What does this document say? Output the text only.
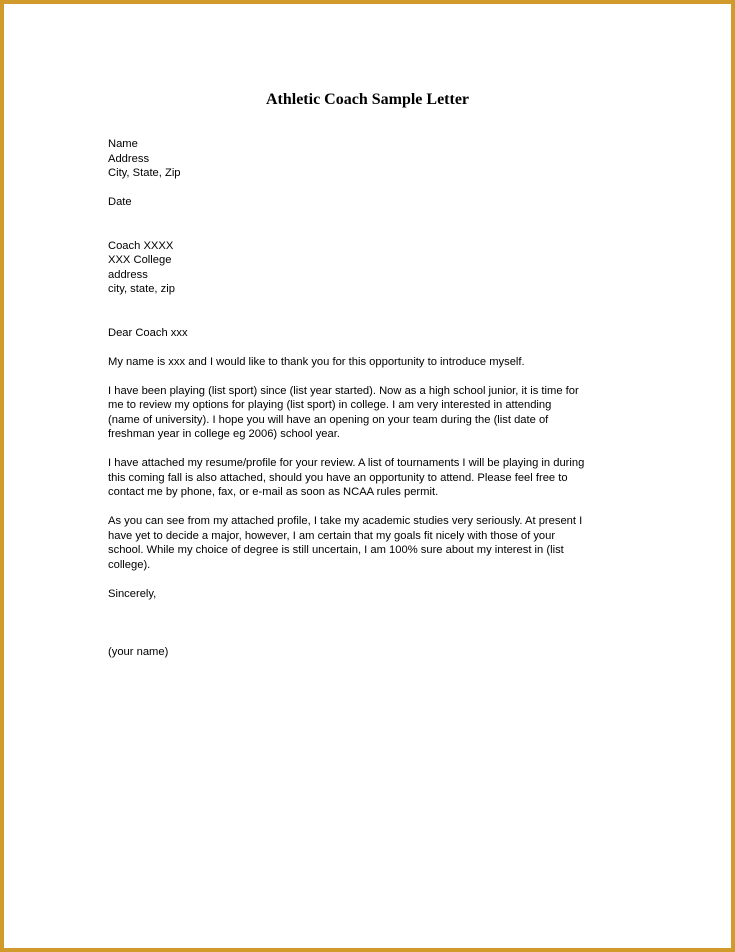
Athletic Coach Sample Letter

Name

Address

City, State, Zip

Date

Coach XXXX

XXX College

address

city, state, zip

Dear Coach xxx

My name is xxx and I would like to thank you for this opportunity to introduce myself.

I have been playing (list sport) since (list year started). Now as a high school junior, it is time for
me to review my options for playing (list sport) in college. I am very interested in attending
(name of university). I hope you will have an opening on your team during the (list date of
freshman year in college eg 2006) school year.

I have attached my resume/profile for your review. A list of tournaments I will be playing in during
this coming fall is also attached, should you have an opportunity to attend. Please feel free to
contact me by phone, fax, or e-mail as soon as NCAA rules permit.

As you can see from my attached profile, I take my academic studies very seriously. At present I
have yet to decide a major, however, I am certain that my goals fit nicely with those of your
school. While my choice of degree is still uncertain, I am 100% sure about my interest in (list
college).

Sincerely,

(your name)
